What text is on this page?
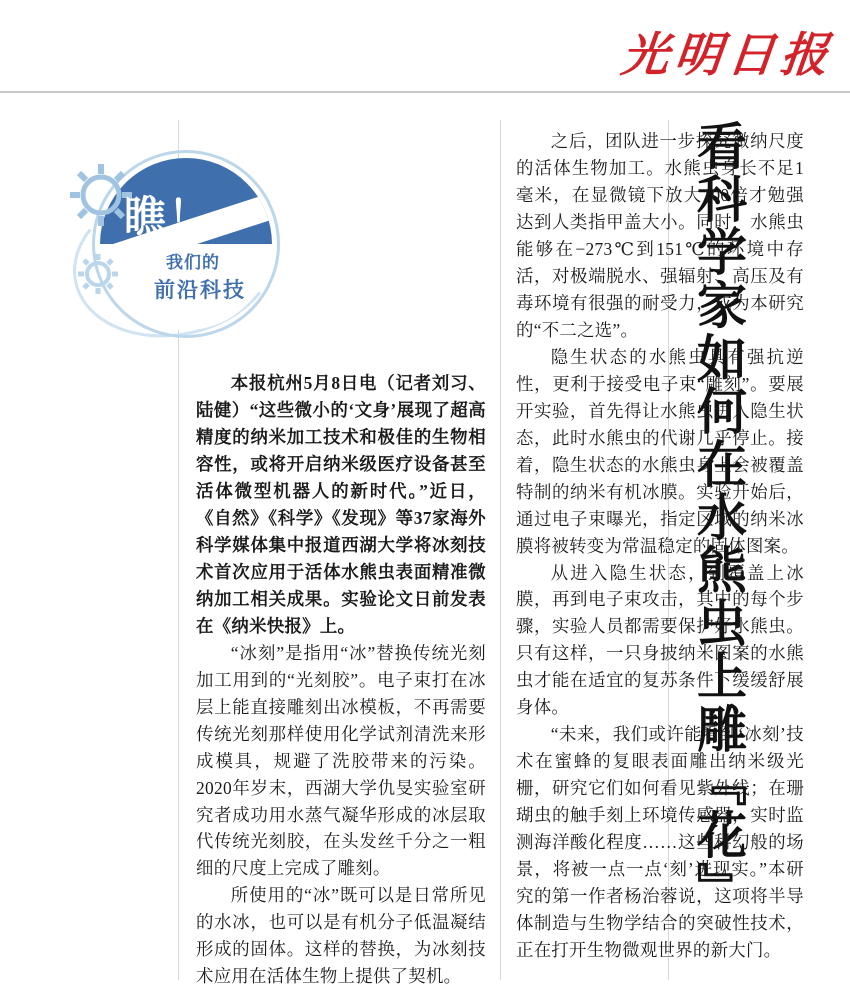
光明日报
瞧！
我们的
前沿科技	看科学家如何在水熊虫上雕『花』

本报杭州5月8日电（记者刘习、陆健）“这些微小的‘文身’展现了超高精度的纳米加工技术和极佳的生物相容性，或将开启纳米级医疗设备甚至活体微型机器人的新时代。”近日，《自然》《科学》《发现》等37家海外科学媒体集中报道西湖大学将冰刻技术首次应用于活体水熊虫表面精准微纳加工相关成果。实验论文日前发表在《纳米快报》上。

“冰刻”是指用“冰”替换传统光刻加工用到的“光刻胶”。电子束打在冰层上能直接雕刻出冰模板，不再需要传统光刻那样使用化学试剂清洗来形成模具，规避了洗胶带来的污染。2020年岁末，西湖大学仇旻实验室研究者成功用水蒸气凝华形成的冰层取代传统光刻胶，在头发丝千分之一粗细的尺度上完成了雕刻。

所使用的“冰”既可以是日常所见的水冰，也可以是有机分子低温凝结形成的固体。这样的替换，为冰刻技术应用在活体生物上提供了契机。

之后，团队进一步探究微纳尺度的活体生物加工。水熊虫身长不足1毫米，在显微镜下放大100倍才勉强达到人类指甲盖大小。同时，水熊虫能够在−273℃到151℃的环境中存活，对极端脱水、强辐射、高压及有毒环境有很强的耐受力，成为本研究的“不二之选”。

隐生状态的水熊虫具有强抗逆性，更利于接受电子束“雕刻”。要展开实验，首先得让水熊虫进入隐生状态，此时水熊虫的代谢几乎停止。接着，隐生状态的水熊虫身上会被覆盖特制的纳米有机冰膜。实验开始后，通过电子束曝光，指定区域的纳米冰膜将被转变为常温稳定的固体图案。

从进入隐生状态，到覆盖上冰膜，再到电子束攻击，其中的每个步骤，实验人员都需要保护好水熊虫。只有这样，一只身披纳米图案的水熊虫才能在适宜的复苏条件下缓缓舒展身体。

“未来，我们或许能看到‘冰刻’技术在蜜蜂的复眼表面雕出纳米级光栅，研究它们如何看见紫外线；在珊瑚虫的触手刻上环境传感器，实时监测海洋酸化程度……这些科幻般的场景，将被一点一点‘刻’进现实。”本研究的第一作者杨治蓉说，这项将半导体制造与生物学结合的突破性技术，正在打开生物微观世界的新大门。
